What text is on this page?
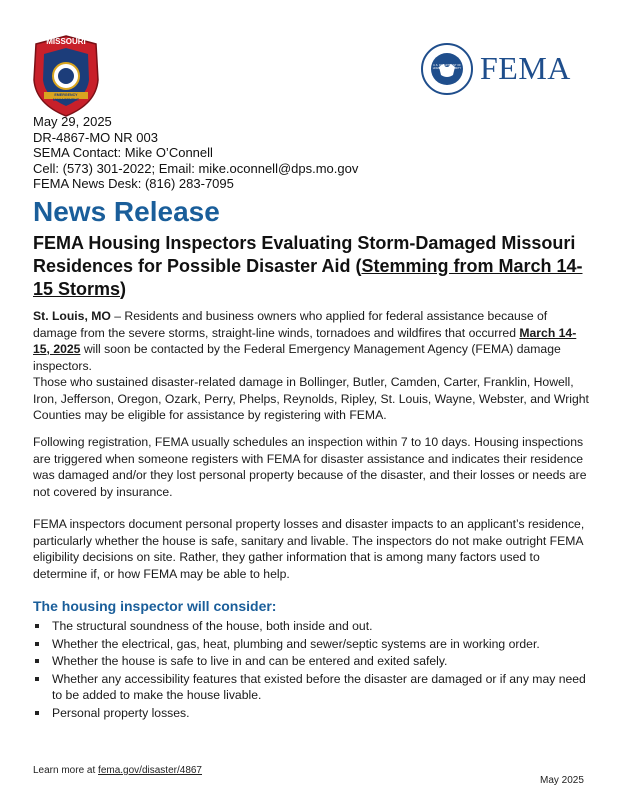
MISSOURI
EMERGENCY MANAGEMENT
FEMA
U.S. DEPARTMENT OF HOMELAND SECURITY
May 29, 2025
DR-4867-MO NR 003
SEMA Contact: Mike O’Connell
Cell: (573) 301-2022; Email: mike.oconnell@dps.mo.gov
FEMA News Desk: (816) 283-7095
News Release
FEMA Housing Inspectors Evaluating Storm-Damaged Missouri Residences for Possible Disaster Aid (Stemming from March 14-15 Storms)
St. Louis, MO – Residents and business owners who applied for federal assistance because of damage from the severe storms, straight-line winds, tornadoes and wildfires that occurred March 14-15, 2025 will soon be contacted by the Federal Emergency Management Agency (FEMA) damage inspectors.
Those who sustained disaster-related damage in Bollinger, Butler, Camden, Carter, Franklin, Howell, Iron, Jefferson, Oregon, Ozark, Perry, Phelps, Reynolds, Ripley, St. Louis, Wayne, Webster, and Wright Counties may be eligible for assistance by registering with FEMA.
Following registration, FEMA usually schedules an inspection within 7 to 10 days. Housing inspections are triggered when someone registers with FEMA for disaster assistance and indicates their residence was damaged and/or they lost personal property because of the disaster, and their losses or needs are not covered by insurance.
FEMA inspectors document personal property losses and disaster impacts to an applicant’s residence, particularly whether the house is safe, sanitary and livable. The inspectors do not make outright FEMA eligibility decisions on site. Rather, they gather information that is among many factors used to determine if, or how FEMA may be able to help.
The housing inspector will consider:
The structural soundness of the house, both inside and out.
Whether the electrical, gas, heat, plumbing and sewer/septic systems are in working order.
Whether the house is safe to live in and can be entered and exited safely.
Whether any accessibility features that existed before the disaster are damaged or if any may need to be added to make the house livable.
Personal property losses.
Learn more at fema.gov/disaster/4867
May 2025
